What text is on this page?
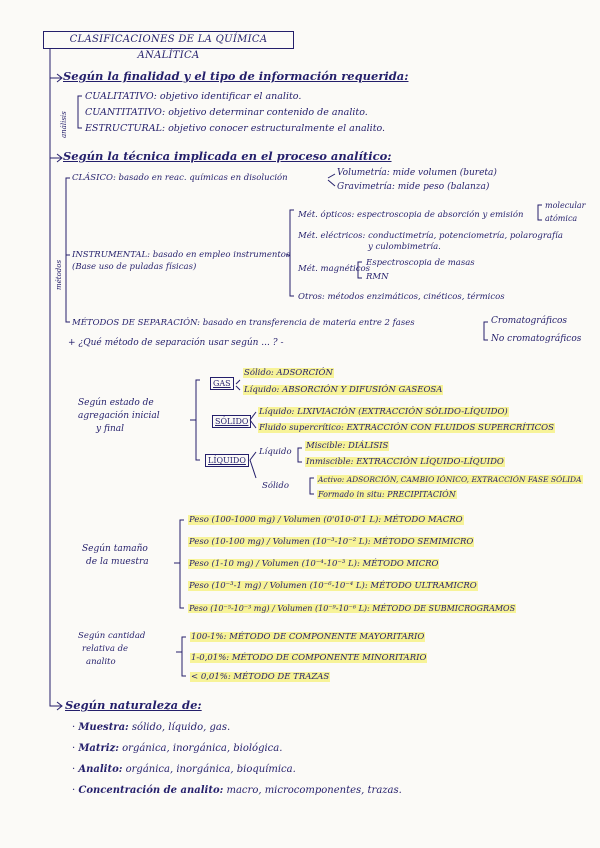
CLASIFICACIONES DE LA QUÍMICA ANALÍTICA
Según la finalidad y el tipo de información requerida:
análisis
CUALITATIVO: objetivo identificar el analito.
CUANTITATIVO: objetivo determinar contenido de analito.
ESTRUCTURAL: objetivo conocer estructuralmente el analito.
Según la técnica implicada en el proceso analítico:
métodos
CLÁSICO: basado en reac. químicas en disolución	Volumetría: mide volumen (bureta)
Gravimetría: mide peso (balanza)
Mét. ópticos: espectroscopia de absorción y emisión
molecular
atómica
Mét. eléctricos: conductimetría, potenciometría, polarografía
y culombimetría.
INSTRUMENTAL: basado en empleo instrumentos
(Base uso de puladas físicas)	Mét. magnéticos
Espectroscopia de masas
RMN
Otros: métodos enzimáticos, cinéticos, térmicos
MÉTODOS DE SEPARACIÓN: basado en transferencia de materia entre 2 fases	Cromatográficos
No cromatográficos
+ ¿Qué método de separación usar según ... ? -
Según estado de
agregación inicial
y final
GAS
Sólido: ADSORCIÓN
Líquido: ABSORCIÓN Y DIFUSIÓN GASEOSA
SÓLIDO
Líquido: LIXIVIACIÓN (EXTRACCIÓN SÓLIDO-LÍQUIDO)
Fluido supercrítico: EXTRACCIÓN CON FLUIDOS SUPERCRÍTICOS
LÍQUIDO
Líquido
Miscible: DIÁLISIS
Inmiscible: EXTRACCIÓN LÍQUIDO-LÍQUIDO
Sólido
Activo: ADSORCIÓN, CAMBIO IÓNICO, EXTRACCIÓN FASE SÓLIDA
Formado in situ: PRECIPITACIÓN
Según tamaño
de la muestra
Peso (100-1000 mg) / Volumen (0'010-0'1 L): MÉTODO MACRO
Peso (10-100 mg) / Volumen (10⁻³-10⁻² L): MÉTODO SEMIMICRO
Peso (1-10 mg) / Volumen (10⁻⁴-10⁻³ L): MÉTODO MICRO
Peso (10⁻³-1 mg) / Volumen (10⁻⁶-10⁻⁴ L): MÉTODO ULTRAMICRO
Peso (10⁻⁵-10⁻³ mg) / Volumen (10⁻⁹-10⁻⁶ L): MÉTODO DE SUBMICROGRAMOS
Según cantidad
relativa de
analito
100-1%: MÉTODO DE COMPONENTE MAYORITARIO
1-0,01%: MÉTODO DE COMPONENTE MINORITARIO
< 0,01%: MÉTODO DE TRAZAS
Según naturaleza de:
· Muestra: sólido, líquido, gas.
· Matriz: orgánica, inorgánica, biológica.
· Analito: orgánica, inorgánica, bioquímica.
· Concentración de analito: macro, microcomponentes, trazas.
